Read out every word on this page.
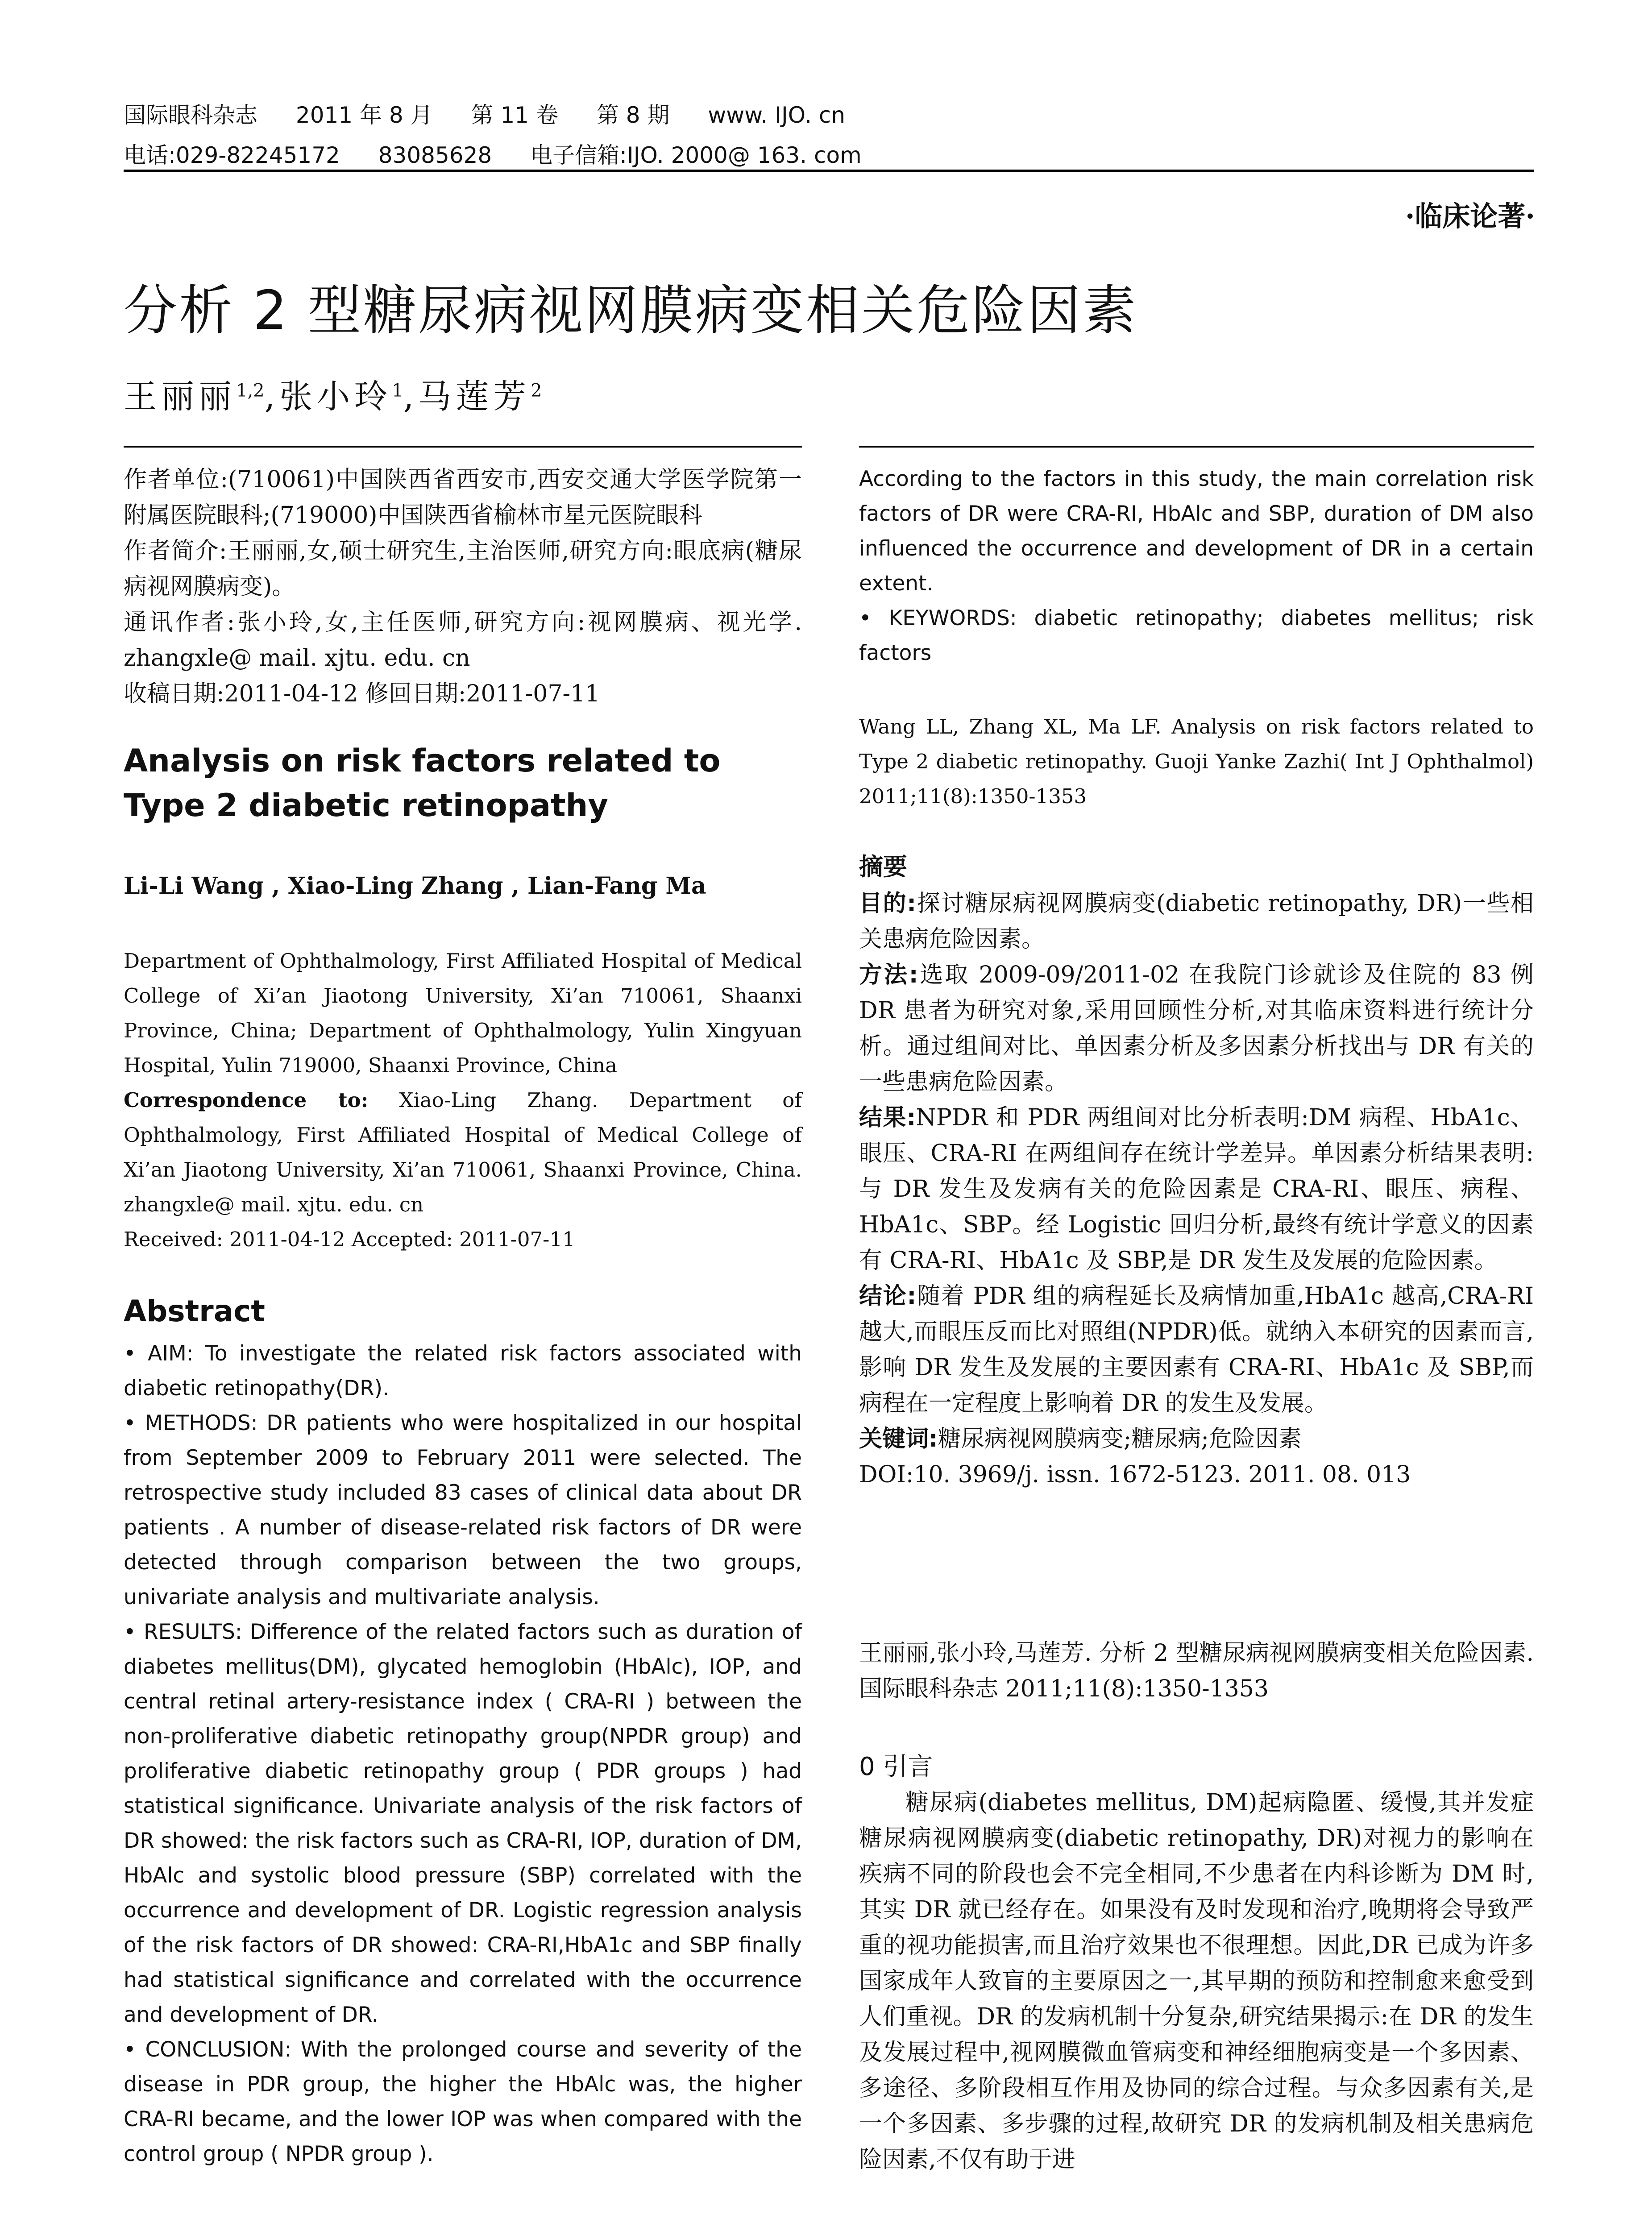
国际眼科杂志 2011 年 8 月 第 11 卷 第 8 期 www. IJO. cn
电话:029-82245172 83085628 电子信箱:IJO. 2000@ 163. com
·临床论著·
分析 2 型糖尿病视网膜病变相关危险因素
王丽丽$^{1,2}$,张小玲$^1$,马莲芳$^2$

作者单位:(710061)中国陕西省西安市,西安交通大学医学院第一附属医院眼科;(719000)中国陕西省榆林市星元医院眼科

作者简介:王丽丽,女,硕士研究生,主治医师,研究方向:眼底病(糖尿病视网膜病变)。

通讯作者:张小玲,女,主任医师,研究方向:视网膜病、视光学. zhangxle@ mail. xjtu. edu. cn

收稿日期:2011-04-12 修回日期:2011-07-11

Analysis on risk factors related to Type 2 diabetic retinopathy

Li-Li Wang , Xiao-Ling Zhang , Lian-Fang Ma

Department of Ophthalmology, First Affiliated Hospital of Medical College of Xi’an Jiaotong University, Xi’an 710061, Shaanxi Province, China; Department of Ophthalmology, Yulin Xingyuan Hospital, Yulin 719000, Shaanxi Province, China

Correspondence to: Xiao-Ling Zhang. Department of Ophthalmology, First Affiliated Hospital of Medical College of Xi’an Jiaotong University, Xi’an 710061, Shaanxi Province, China. zhangxle@ mail. xjtu. edu. cn

Received: 2011-04-12 Accepted: 2011-07-11

Abstract

• AIM: To investigate the related risk factors associated with diabetic retinopathy(DR).

• METHODS: DR patients who were hospitalized in our hospital from September 2009 to February 2011 were selected. The retrospective study included 83 cases of clinical data about DR patients . A number of disease-related risk factors of DR were detected through comparison between the two groups, univariate analysis and multivariate analysis.

• RESULTS: Difference of the related factors such as duration of diabetes mellitus(DM), glycated hemoglobin (HbAlc), IOP, and central retinal artery-resistance index ( CRA-RI ) between the non-proliferative diabetic retinopathy group(NPDR group) and proliferative diabetic retinopathy group ( PDR groups ) had statistical significance. Univariate analysis of the risk factors of DR showed: the risk factors such as CRA-RI, IOP, duration of DM, HbAlc and systolic blood pressure (SBP) correlated with the occurrence and development of DR. Logistic regression analysis of the risk factors of DR showed: CRA-RI,HbA1c and SBP finally had statistical significance and correlated with the occurrence and development of DR.

• CONCLUSION: With the prolonged course and severity of the disease in PDR group, the higher the HbAlc was, the higher CRA-RI became, and the lower IOP was when compared with the control group ( NPDR group ).

According to the factors in this study, the main correlation risk factors of DR were CRA-RI, HbAlc and SBP, duration of DM also influenced the occurrence and development of DR in a certain extent.

• KEYWORDS: diabetic retinopathy; diabetes mellitus; risk factors

Wang LL, Zhang XL, Ma LF. Analysis on risk factors related to Type 2 diabetic retinopathy. Guoji Yanke Zazhi( Int J Ophthalmol) 2011;11(8):1350-1353

摘要

目的:探讨糖尿病视网膜病变(diabetic retinopathy, DR)一些相关患病危险因素。

方法:选取 2009-09/2011-02 在我院门诊就诊及住院的 83 例 DR 患者为研究对象,采用回顾性分析,对其临床资料进行统计分析。通过组间对比、单因素分析及多因素分析找出与 DR 有关的一些患病危险因素。

结果:NPDR 和 PDR 两组间对比分析表明:DM 病程、HbA1c、眼压、CRA-RI 在两组间存在统计学差异。单因素分析结果表明:与 DR 发生及发病有关的危险因素是 CRA-RI、眼压、病程、HbA1c、SBP。经 Logistic 回归分析,最终有统计学意义的因素有 CRA-RI、HbA1c 及 SBP,是 DR 发生及发展的危险因素。

结论:随着 PDR 组的病程延长及病情加重,HbA1c 越高,CRA-RI 越大,而眼压反而比对照组(NPDR)低。就纳入本研究的因素而言,影响 DR 发生及发展的主要因素有 CRA-RI、HbA1c 及 SBP,而病程在一定程度上影响着 DR 的发生及发展。

关键词:糖尿病视网膜病变;糖尿病;危险因素

DOI:10. 3969/j. issn. 1672-5123. 2011. 08. 013

王丽丽,张小玲,马莲芳. 分析 2 型糖尿病视网膜病变相关危险因素. 国际眼科杂志 2011;11(8):1350-1353

0 引言

糖尿病(diabetes mellitus, DM)起病隐匿、缓慢,其并发症糖尿病视网膜病变(diabetic retinopathy, DR)对视力的影响在疾病不同的阶段也会不完全相同,不少患者在内科诊断为 DM 时,其实 DR 就已经存在。如果没有及时发现和治疗,晚期将会导致严重的视功能损害,而且治疗效果也不很理想。因此,DR 已成为许多国家成年人致盲的主要原因之一,其早期的预防和控制愈来愈受到人们重视。DR 的发病机制十分复杂,研究结果揭示:在 DR 的发生及发展过程中,视网膜微血管病变和神经细胞病变是一个多因素、多途径、多阶段相互作用及协同的综合过程。与众多因素有关,是一个多因素、多步骤的过程,故研究 DR 的发病机制及相关患病危险因素,不仅有助于进
